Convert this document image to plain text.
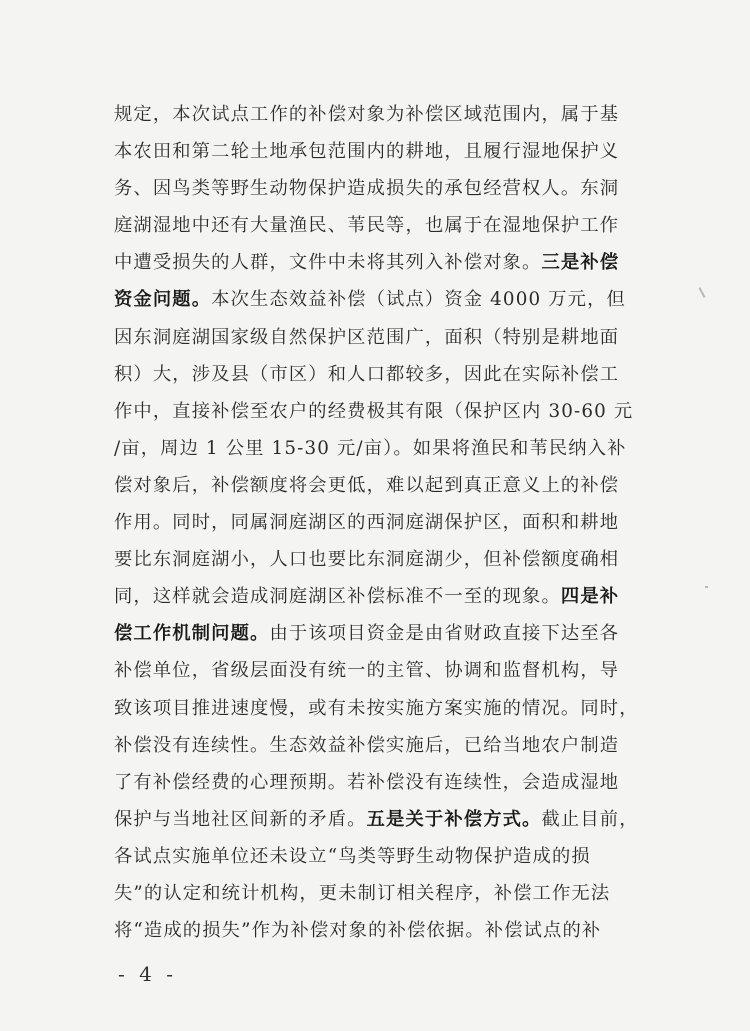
规定，本次试点工作的补偿对象为补偿区域范围内，属于基
本农田和第二轮土地承包范围内的耕地，且履行湿地保护义
务、因鸟类等野生动物保护造成损失的承包经营权人。东洞
庭湖湿地中还有大量渔民、苇民等，也属于在湿地保护工作
中遭受损失的人群，文件中未将其列入补偿对象。三是补偿
资金问题。本次生态效益补偿（试点）资金 4000 万元，但
因东洞庭湖国家级自然保护区范围广，面积（特别是耕地面
积）大，涉及县（市区）和人口都较多，因此在实际补偿工
作中，直接补偿至农户的经费极其有限（保护区内 30-60 元
/亩，周边 1 公里 15-30 元/亩）。如果将渔民和苇民纳入补
偿对象后，补偿额度将会更低，难以起到真正意义上的补偿
作用。同时，同属洞庭湖区的西洞庭湖保护区，面积和耕地
要比东洞庭湖小，人口也要比东洞庭湖少，但补偿额度确相
同，这样就会造成洞庭湖区补偿标准不一至的现象。四是补
偿工作机制问题。由于该项目资金是由省财政直接下达至各
补偿单位，省级层面没有统一的主管、协调和监督机构，导
致该项目推进速度慢，或有未按实施方案实施的情况。同时，
补偿没有连续性。生态效益补偿实施后，已给当地农户制造
了有补偿经费的心理预期。若补偿没有连续性，会造成湿地
保护与当地社区间新的矛盾。五是关于补偿方式。截止目前，
各试点实施单位还未设立“鸟类等野生动物保护造成的损
失”的认定和统计机构，更未制订相关程序，补偿工作无法
将“造成的损失”作为补偿对象的补偿依据。补偿试点的补
- 4 -
